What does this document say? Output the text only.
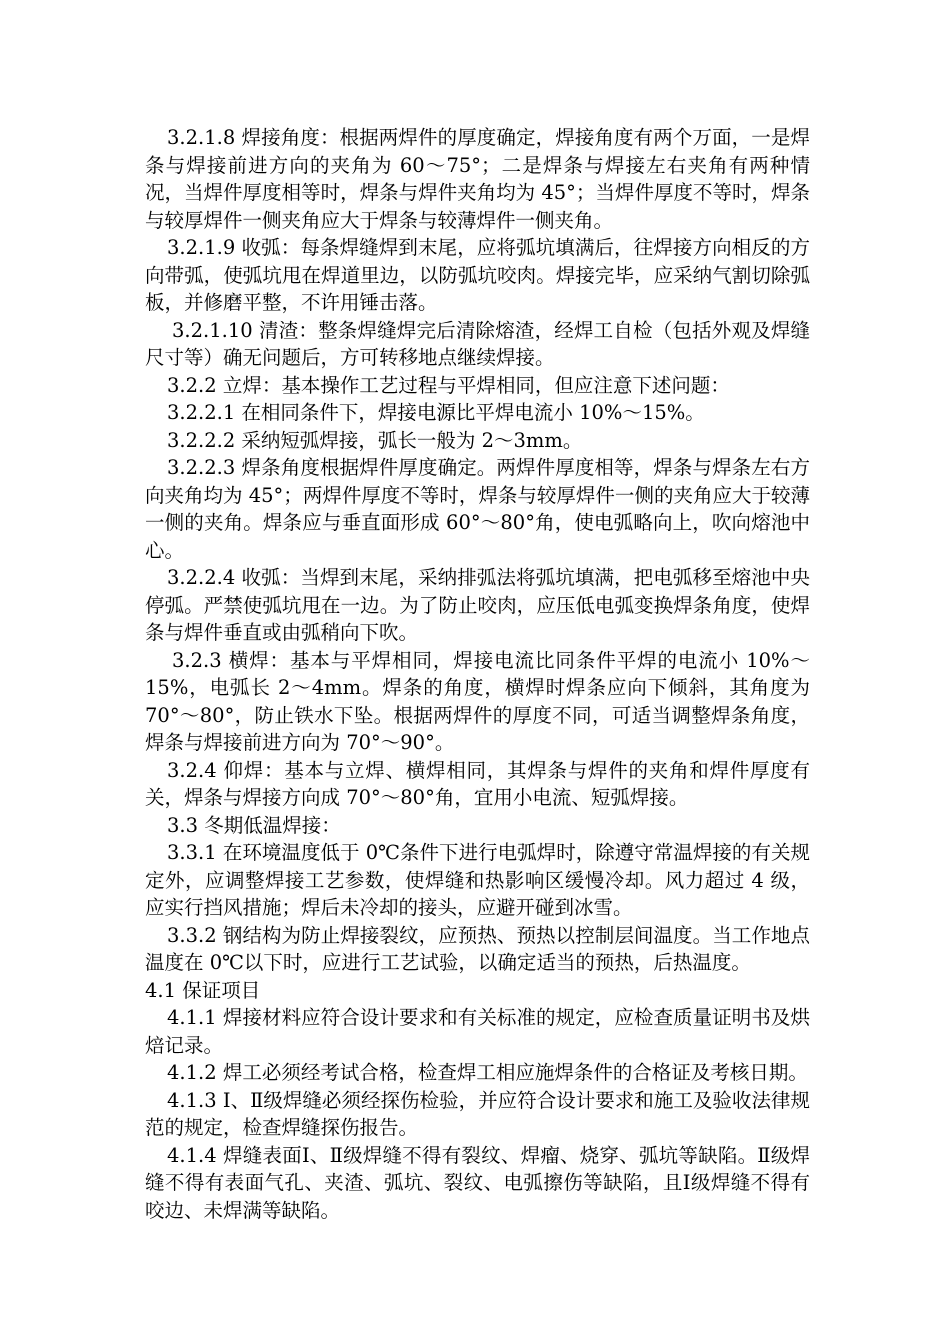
3.2.1.8 焊接角度：根据两焊件的厚度确定，焊接角度有两个万面，一是焊条与焊接前进方向的夹角为 60～75°；二是焊条与焊接左右夹角有两种情况，当焊件厚度相等时，焊条与焊件夹角均为 45°；当焊件厚度不等时，焊条与较厚焊件一侧夹角应大于焊条与较薄焊件一侧夹角。

3.2.1.9 收弧：每条焊缝焊到末尾，应将弧坑填满后，往焊接方向相反的方向带弧，使弧坑甩在焊道里边，以防弧坑咬肉。焊接完毕，应采纳气割切除弧板，并修磨平整，不许用锤击落。

3.2.1.10 清渣：整条焊缝焊完后清除熔渣，经焊工自检（包括外观及焊缝尺寸等）确无问题后，方可转移地点继续焊接。

3.2.2 立焊：基本操作工艺过程与平焊相同，但应注意下述问题：

3.2.2.1 在相同条件下，焊接电源比平焊电流小 10%～15%。

3.2.2.2 采纳短弧焊接，弧长一般为 2～3mm。

3.2.2.3 焊条角度根据焊件厚度确定。两焊件厚度相等，焊条与焊条左右方向夹角均为 45°；两焊件厚度不等时，焊条与较厚焊件一侧的夹角应大于较薄一侧的夹角。焊条应与垂直面形成 60°～80°角，使电弧略向上，吹向熔池中心。

3.2.2.4 收弧：当焊到末尾，采纳排弧法将弧坑填满，把电弧移至熔池中央停弧。严禁使弧坑甩在一边。为了防止咬肉，应压低电弧变换焊条角度，使焊条与焊件垂直或由弧稍向下吹。

3.2.3 横焊：基本与平焊相同，焊接电流比同条件平焊的电流小 10%～15%，电弧长 2～4mm。焊条的角度，横焊时焊条应向下倾斜，其角度为 70°～80°，防止铁水下坠。根据两焊件的厚度不同，可适当调整焊条角度，焊条与焊接前进方向为 70°～90°。

3.2.4 仰焊：基本与立焊、横焊相同，其焊条与焊件的夹角和焊件厚度有关，焊条与焊接方向成 70°～80°角，宜用小电流、短弧焊接。

3.3 冬期低温焊接：

3.3.1 在环境温度低于 0℃条件下进行电弧焊时，除遵守常温焊接的有关规定外，应调整焊接工艺参数，使焊缝和热影响区缓慢冷却。风力超过 4 级，应实行挡风措施；焊后未冷却的接头，应避开碰到冰雪。

3.3.2 钢结构为防止焊接裂纹，应预热、预热以控制层间温度。当工作地点温度在 0℃以下时，应进行工艺试验，以确定适当的预热，后热温度。

4.1 保证项目

4.1.1 焊接材料应符合设计要求和有关标准的规定，应检查质量证明书及烘焙记录。

4.1.2 焊工必须经考试合格，检查焊工相应施焊条件的合格证及考核日期。

4.1.3 Ⅰ、Ⅱ级焊缝必须经探伤检验，并应符合设计要求和施工及验收法律规范的规定，检查焊缝探伤报告。

4.1.4 焊缝表面Ⅰ、Ⅱ级焊缝不得有裂纹、焊瘤、烧穿、弧坑等缺陷。Ⅱ级焊缝不得有表面气孔、夹渣、弧坑、裂纹、电弧擦伤等缺陷，且Ⅰ级焊缝不得有咬边、未焊满等缺陷。
